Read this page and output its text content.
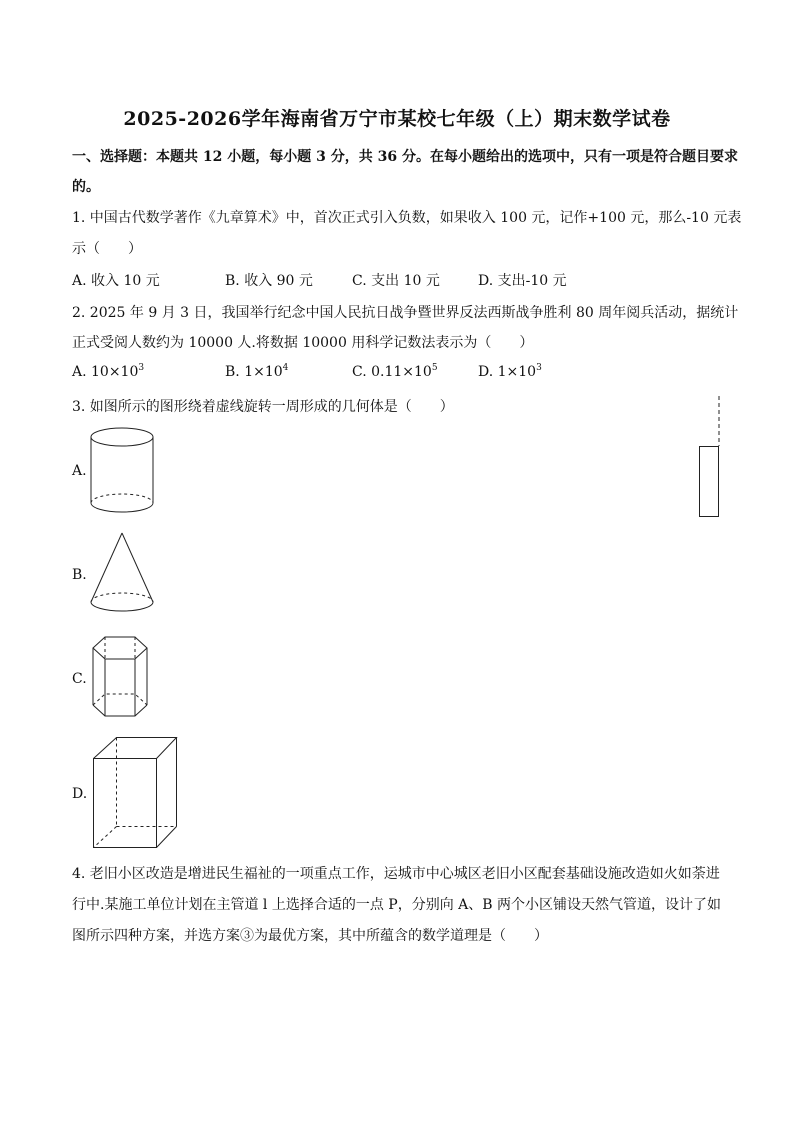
2025-2026学年海南省万宁市某校七年级（上）期末数学试卷
一、选择题：本题共 12 小题，每小题 3 分，共 36 分。在每小题给出的选项中，只有一项是符合题目要求
的。
1. 中国古代数学著作《九章算术》中，首次正式引入负数，如果收入 100 元，记作+100 元，那么-10 元表
示（　　）
A. 收入 10 元	B. 收入 90 元	C. 支出 10 元	D. 支出-10 元
2. 2025 年 9 月 3 日，我国举行纪念中国人民抗日战争暨世界反法西斯战争胜利 80 周年阅兵活动，据统计
正式受阅人数约为 10000 人.将数据 10000 用科学记数法表示为（　　）
A. $10\times 10^3$	B. $1\times 10^4$	C. $0.11\times 10^5$	D. $1\times 10^3$
3. 如图所示的图形绕着虚线旋转一周形成的几何体是（　　）
A.
B.
C.
D.
4. 老旧小区改造是增进民生福祉的一项重点工作，运城市中心城区老旧小区配套基础设施改造如火如荼进
行中.某施工单位计划在主管道 l 上选择合适的一点 P，分别向 A、B 两个小区铺设天然气管道，设计了如
图所示四种方案，并选方案③为最优方案，其中所蕴含的数学道理是（　　）
